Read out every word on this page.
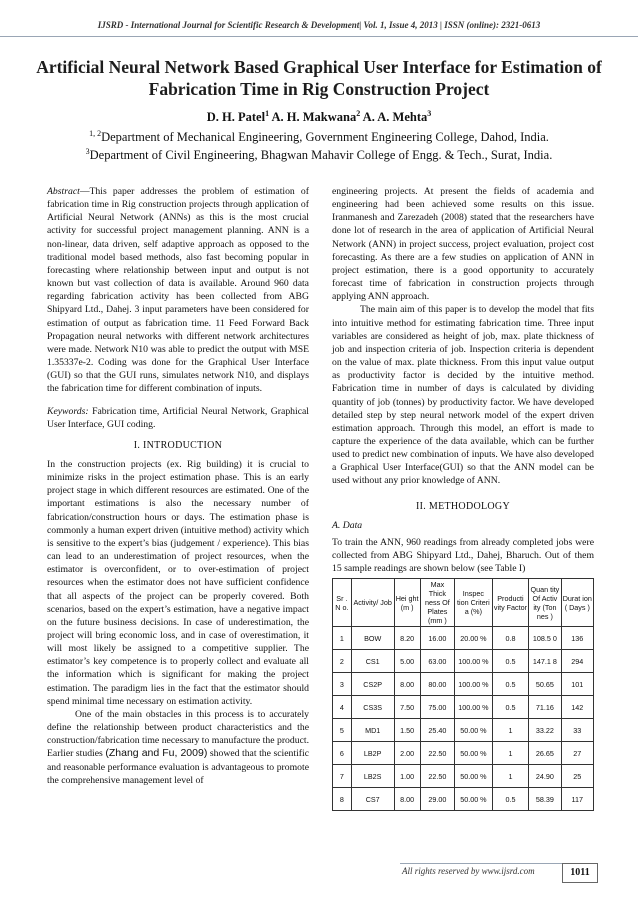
IJSRD - International Journal for Scientific Research & Development| Vol. 1, Issue 4, 2013 | ISSN (online): 2321-0613
Artificial Neural Network Based Graphical User Interface for Estimation of Fabrication Time in Rig Construction Project
D. H. Patel$^1$ A. H. Makwana$^2$ A. A. Mehta$^3$
$^{1, 2}$Department of Mechanical Engineering, Government Engineering College, Dahod, India.
$^3$Department of Civil Engineering, Bhagwan Mahavir College of Engg. & Tech., Surat, India.

Abstract—This paper addresses the problem of estimation of fabrication time in Rig construction projects through application of Artificial Neural Network (ANNs) as this is the most crucial activity for successful project management planning. ANN is a non-linear, data driven, self adaptive approach as opposed to the traditional model based methods, also fast becoming popular in forecasting where relationship between input and output is not known but vast collection of data is available. Around 960 data regarding fabrication activity has been collected from ABG Shipyard Ltd., Dahej. 3 input parameters have been considered for estimation of output as fabrication time. 11 Feed Forward Back Propagation neural networks with different network architectures were made. Network N10 was able to predict the output with MSE 1.35337e-2. Coding was done for the Graphical User Interface (GUI) so that the GUI runs, simulates network N10, and displays the fabrication time for different combination of inputs.

Keywords: Fabrication time, Artificial Neural Network, Graphical User Interface, GUI coding.

I. INTRODUCTION

In the construction projects (ex. Rig building) it is crucial to minimize risks in the project estimation phase. This is an early project stage in which different resources are estimated. One of the important estimations is also the necessary number of fabrication/construction hours or days. The estimation phase is commonly a human expert driven (intuitive method) activity which is sensitive to the expert’s bias (judgement / experience). This bias can lead to an underestimation of project resources, when the estimator is overconfident, or to over-estimation of project resources when the estimator does not have sufficient confidence that all aspects of the project can be properly covered. Both scenarios, based on the expert’s estimation, have a negative impact on the future business decisions. In case of underestimation, the project will bring economic loss, and in case of overestimation, it will most likely be assigned to a competitive supplier. The estimator’s key competence is to properly collect and evaluate all the information which is significant for making the project estimation. The paradigm lies in the fact that the estimator should spend minimal time necessary on estimation activity.

One of the main obstacles in this process is to accurately define the relationship between product characteristics and the construction/fabrication time necessary to manufacture the product. Earlier studies (Zhang and Fu, 2009) showed that the scientific and reasonable performance evaluation is advantageous to promote the comprehensive management level of

engineering projects. At present the fields of academia and engineering had been achieved some results on this issue. Iranmanesh and Zarezadeh (2008) stated that the researchers have done lot of research in the area of application of Artificial Neural Network (ANN) in project success, project evaluation, project cost forecasting. As there are a few studies on application of ANN in project estimation, there is a good opportunity to accurately forecast time of fabrication in construction projects through applying ANN approach.

The main aim of this paper is to develop the model that fits into intuitive method for estimating fabrication time. Three input variables are considered as height of job, max. plate thickness of job and inspection criteria of job. Inspection criteria is dependent on the value of max. plate thickness. From this input value output as productivity factor is decided by the intuitive method. Fabrication time in number of days is calculated by dividing quantity of job (tonnes) by productivity factor. We have developed detailed step by step neural network model of the expert driven estimation approach. Through this model, an effort is made to capture the experience of the data available, which can be further used to predict new combination of inputs. We have also developed a Graphical User Interface(GUI) so that the ANN model can be used without any prior knowledge of ANN.

II. METHODOLOGY
A. Data

To train the ANN, 960 readings from already completed jobs were collected from ABG Shipyard Ltd., Dahej, Bharuch. Out of them 15 sample readings are shown below (see Table I)

Sr . N o.	Activity/ Job	Hei ght (m )	Max Thick ness Of Plates (mm )	Inspec tion Criteri a (%)	Producti vity Factor	Quan tity Of Activ ity (Ton nes )	Durat ion ( Days )
1	BOW	8.20	16.00	20.00 %	0.8	108.5 0	136
2	CS1	5.00	63.00	100.00 %	0.5	147.1 8	294
3	CS2P	8.00	80.00	100.00 %	0.5	50.65	101
4	CS3S	7.50	75.00	100.00 %	0.5	71.16	142
5	MD1	1.50	25.40	50.00 %	1	33.22	33
6	LB2P	2.00	22.50	50.00 %	1	26.65	27
7	LB2S	1.00	22.50	50.00 %	1	24.90	25
8	CS7	8.00	29.00	50.00 %	0.5	58.39	117
All rights reserved by www.ijsrd.com	1011
